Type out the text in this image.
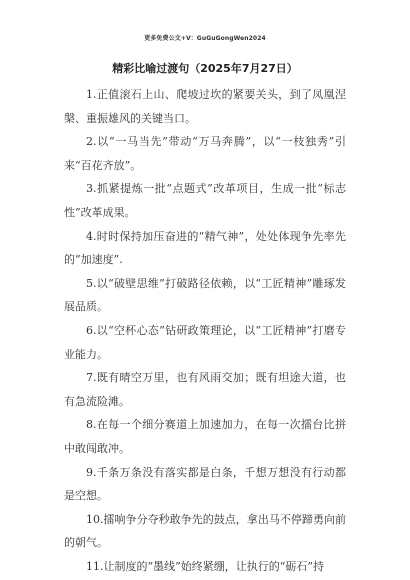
更多免费公文+V：GuGuGongWen2024
精彩比喻过渡句（2025年7月27日）

1.正值滚石上山、爬坡过坎的紧要关头，到了凤凰涅槃、重振雄风的关键当口。

2.以“一马当先”带动“万马奔腾”，以“一枝独秀”引来“百花齐放”。

3.抓紧提炼一批“点题式”改革项目，生成一批“标志性”改革成果。

4.时时保持加压奋进的“精气神”，处处体现争先率先的“加速度”.

5.以“破壁思维”打破路径依赖，以“工匠精神”雕琢发展品质。

6.以“空杯心态”钻研政策理论，以“工匠精神”打磨专业能力。

7.既有晴空万里，也有风雨交加；既有坦途大道，也有急流险滩。

8.在每一个细分赛道上加速加力，在每一次擂台比拼中敢闯敢冲。

9.千条万条没有落实都是白条，千想万想没有行动都是空想。

10.擂响争分夺秒敢争先的鼓点，拿出马不停蹄勇向前的朝气。

11.让制度的“墨线”始终紧绷，让执行的“砺石”持
